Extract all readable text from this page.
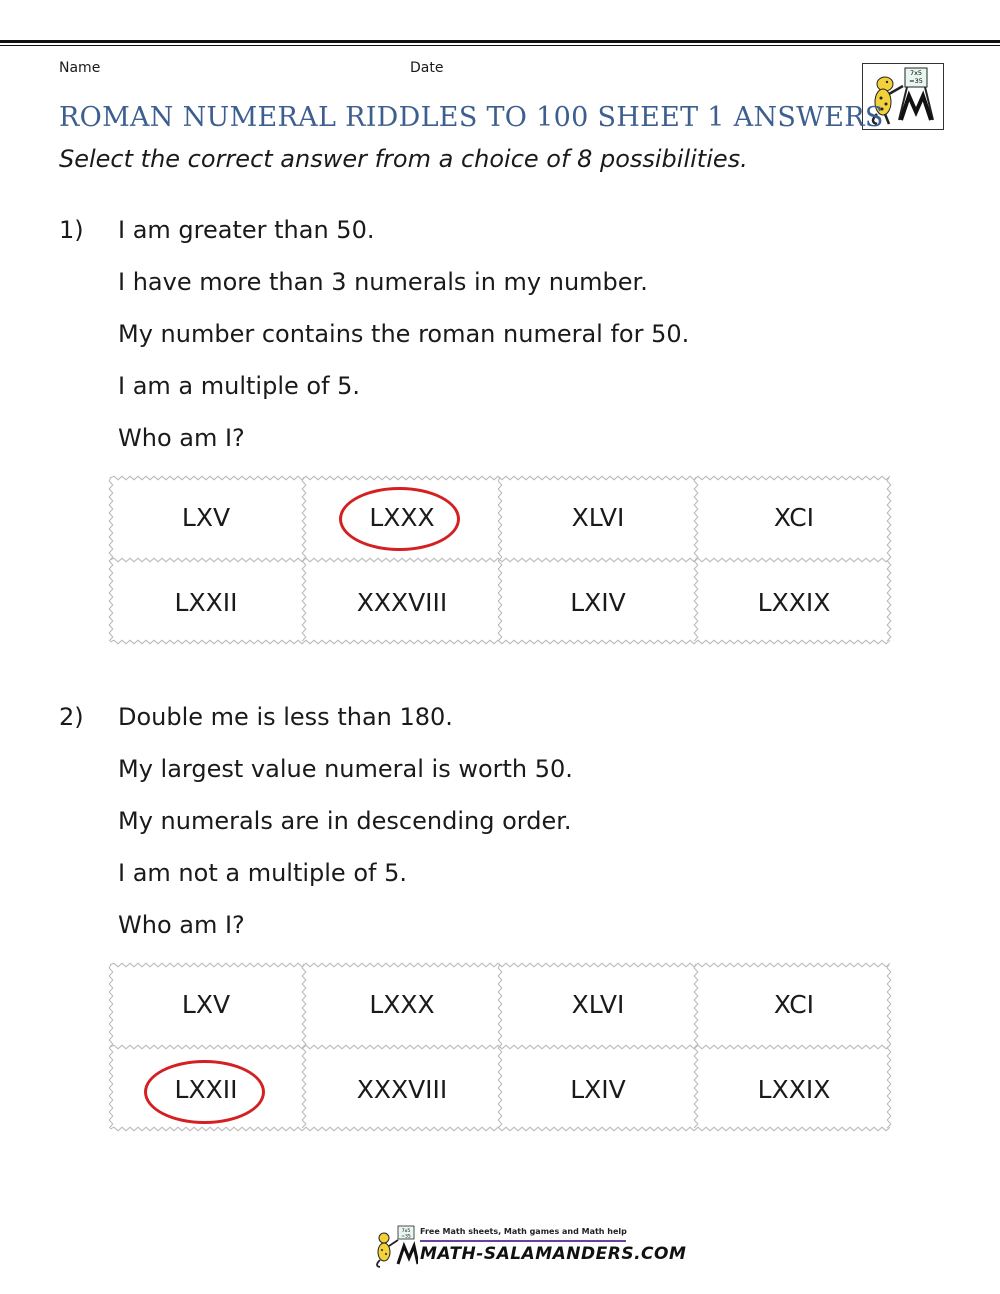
Name	Date	7x5
=35
ROMAN NUMERAL RIDDLES TO 100 SHEET 1 ANSWERS
Select the correct answer from a choice of 8 possibilities.
1) I am greater than 50.
I have more than 3 numerals in my number.
My number contains the roman numeral for 50.
I am a multiple of 5.
Who am I?
LXV	LXXX	XLVI	XCI
LXXII	XXXVIII	LXIV	LXXIX
2) Double me is less than 180.
My largest value numeral is worth 50.
My numerals are in descending order.
I am not a multiple of 5.
Who am I?
LXV	LXXX	XLVI	XCI
LXXII	XXXVIII	LXIV	LXXIX
7x5
=35
Free Math sheets, Math games and Math help
MATH-SALAMANDERS.COM
